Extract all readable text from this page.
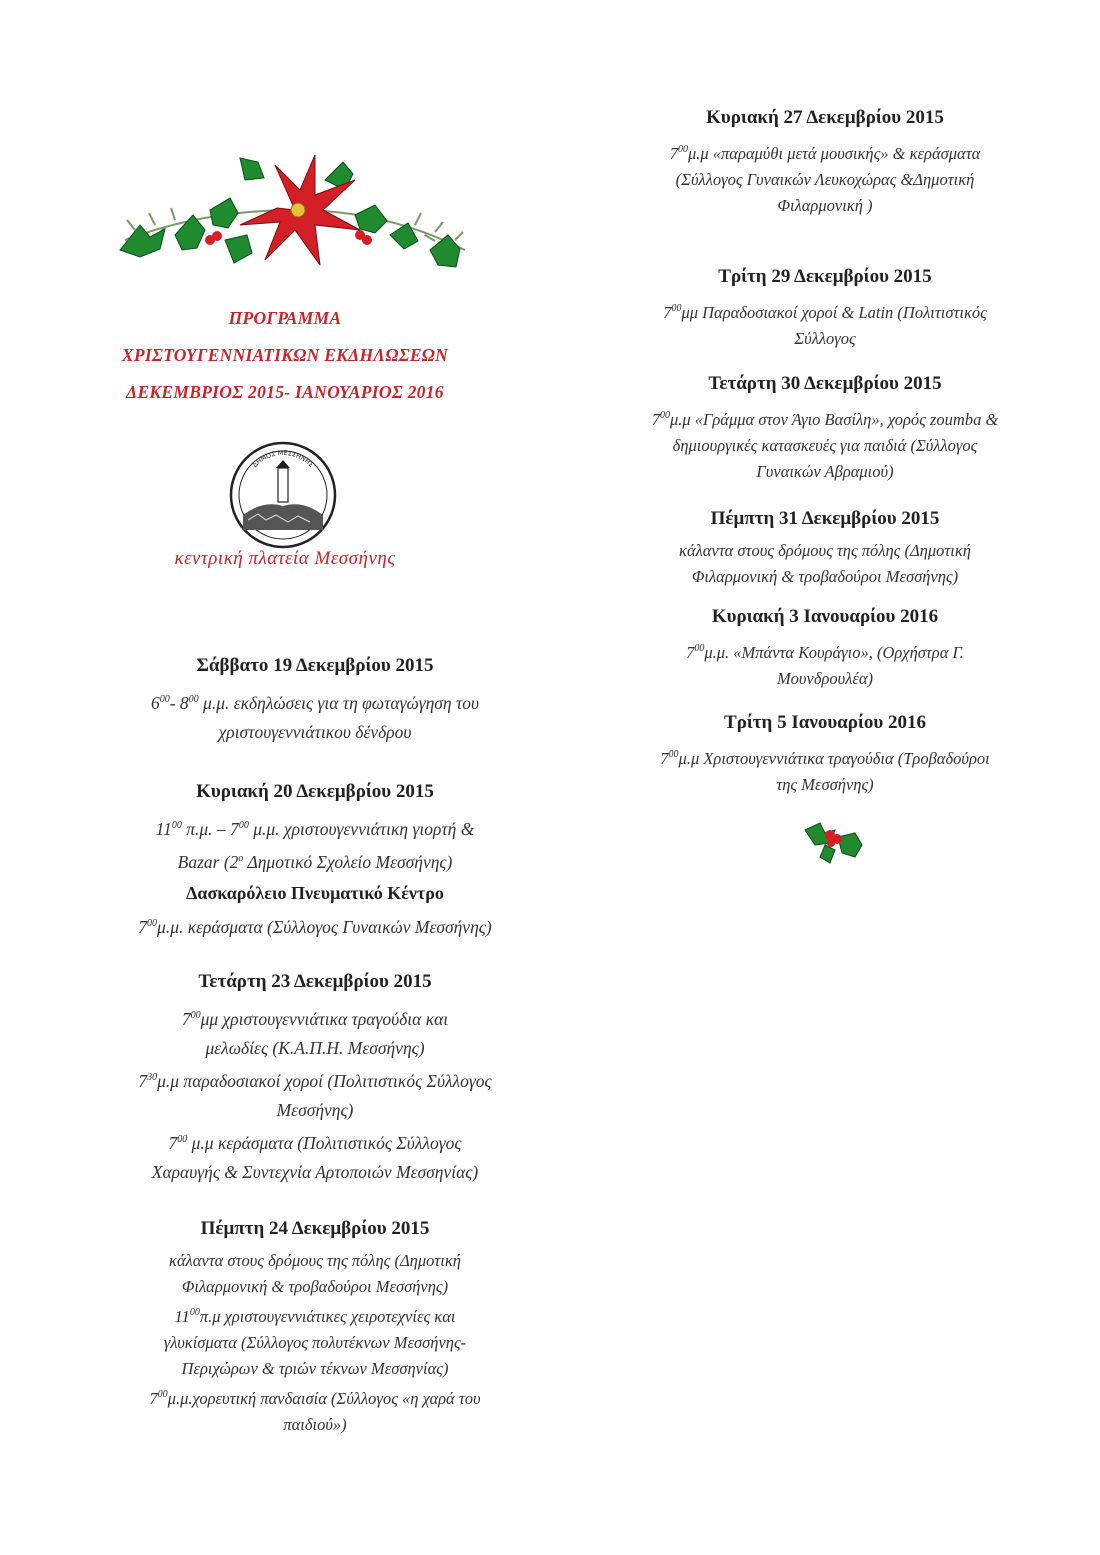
ΠΡΟΓΡΑΜΜΑ
ΧΡΙΣΤΟΥΓΕΝΝΙΑΤΙΚΩΝ ΕΚΔΗΛΩΣΕΩΝ
ΔΕΚΕΜΒΡΙΟΣ 2015- ΙΑΝΟΥΑΡΙΟΣ 2016
ΔΗΜΟΣ ΜΕΣΣΗΝΗΣ
κεντρική πλατεία Μεσσήνης
Σάββατο 19 Δεκεμβρίου 2015
$6^{00}-$ $8^{00}$ μ.μ. εκδηλώσεις για τη φωταγώγηση του
χριστουγεννιάτικου δένδρου
Κυριακή 20 Δεκεμβρίου 2015
$11^{00}$ π.μ. – $7^{00}$ μ.μ. χριστουγεννιάτικη γιορτή &
Bazar ($2^o$ Δημοτικό Σχολείο Μεσσήνης)
Δασκαρόλειο Πνευματικό Κέντρο
$7^{00}\mu.\mu$. κεράσματα (Σύλλογος Γυναικών Μεσσήνης)
Τετάρτη 23 Δεκεμβρίου 2015
$7^{00}\mu\mu$ χριστουγεννιάτικα τραγούδια και
μελωδίες (Κ.Α.Π.Η. Μεσσήνης)
$7^{30}\mu.\mu$ παραδοσιακοί χοροί (Πολιτιστικός Σύλλογος
Μεσσήνης)
$7^{00}$ μ.μ κεράσματα (Πολιτιστικός Σύλλογος
Χαραυγής & Συντεχνία Αρτοποιών Μεσσηνίας)
Πέμπτη 24 Δεκεμβρίου 2015
κάλαντα στους δρόμους της πόλης (Δημοτική
Φιλαρμονική & τροβαδούροι Μεσσήνης)
$11^{00}\pi.\mu$ χριστουγεννιάτικες χειροτεχνίες και
γλυκίσματα (Σύλλογος πολυτέκνων Μεσσήνης-
Περιχώρων & τριών τέκνων Μεσσηνίας)
$7^{00}\mu.\mu.\chi o\rho\varepsilon\upsilon\tau\iota\kappa ή$ πανδαισία (Σύλλογος «η χαρά του
παιδιού»)
Κυριακή 27 Δεκεμβρίου 2015
$7^{00}\mu.\mu$ «παραμύθι μετά μουσικής» & κεράσματα
(Σύλλογος Γυναικών Λευκοχώρας &Δημοτική
Φιλαρμονική )
Τρίτη 29 Δεκεμβρίου 2015
$7^{00}\mu\mu$ Παραδοσιακοί χοροί & Latin (Πολιτιστικός
Σύλλογος
Τετάρτη 30 Δεκεμβρίου 2015
$7^{00}\mu.\mu$ «Γράμμα στον Άγιο Βασίλη», χορός zoumba &
δημιουργικές κατασκευές για παιδιά (Σύλλογος
Γυναικών Αβραμιού)
Πέμπτη 31 Δεκεμβρίου 2015
κάλαντα στους δρόμους της πόλης (Δημοτική
Φιλαρμονική & τροβαδούροι Μεσσήνης)
Κυριακή 3 Ιανουαρίου 2016
$7^{00}\mu.\mu$. «Μπάντα Κουράγιο», (Ορχήστρα Γ.
Μουνδρουλέα)
Τρίτη 5 Ιανουαρίου 2016
$7^{00}\mu.\mu$ Χριστουγεννιάτικα τραγούδια (Τροβαδούροι
της Μεσσήνης)
